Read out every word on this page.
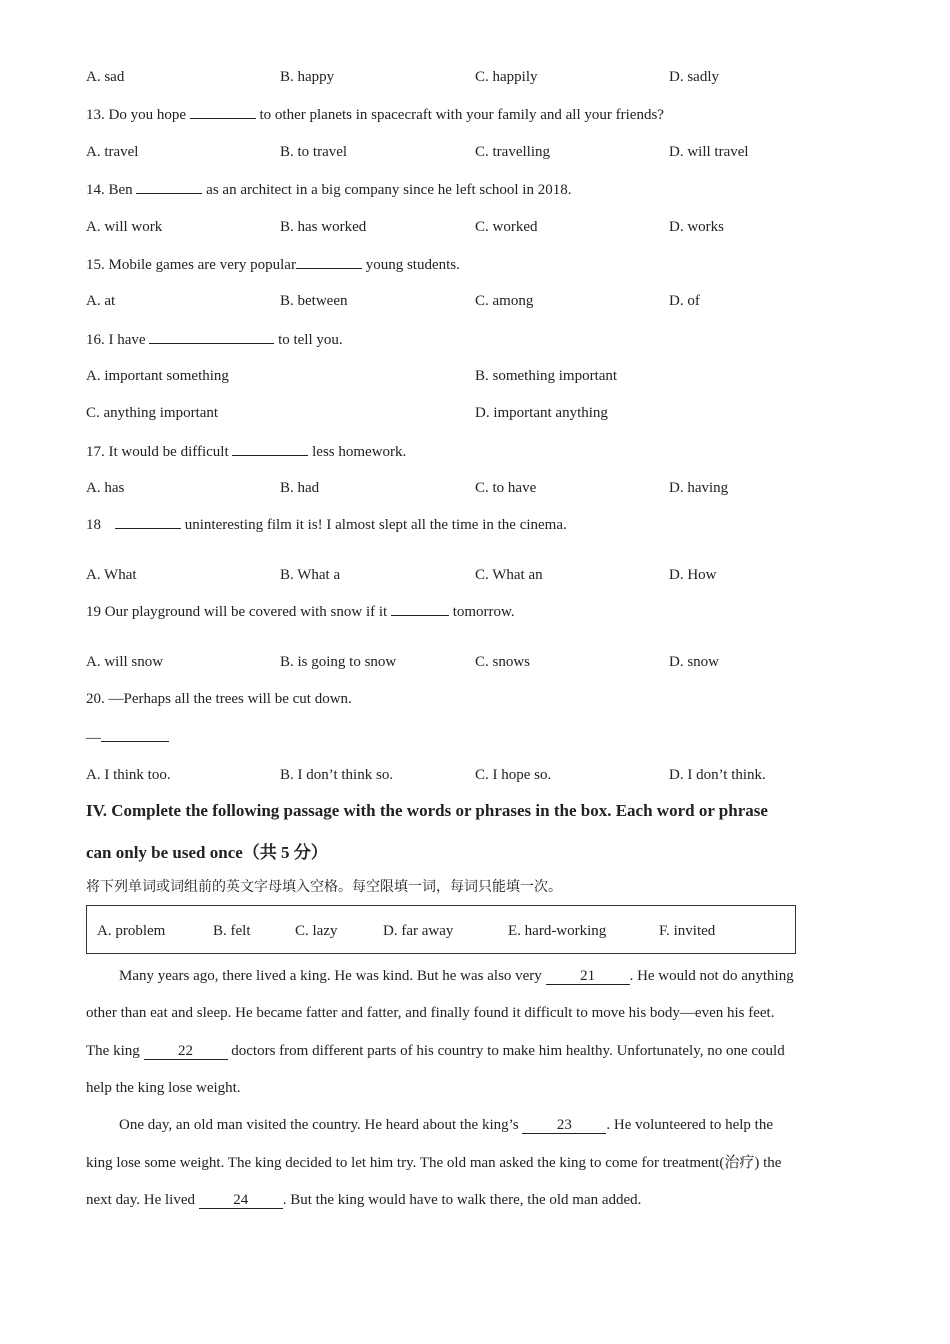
A. sad	B. happy	C. happily	D. sadly
13. Do you hope	to other planets in spacecraft with your family and all your friends?
A. travel	B. to travel	C. travelling	D. will travel
14. Ben	as an architect in a big company since he left school in 2018.
A. will work	B. has worked	C. worked	D. works
15. Mobile games are very popular	young students.
A. at	B. between	C. among	D. of
16. I have	to tell you.
A. important something	B. something important
C. anything important	D. important anything
17. It would be difficult	less homework.
A. has	B. had	C. to have	D. having
18	uninteresting film it is! I almost slept all the time in the cinema.
A. What	B. What a	C. What an	D. How
19 Our playground will be covered with snow if it	tomorrow.
A. will snow	B. is going to snow	C. snows	D. snow
20. —Perhaps all the trees will be cut down.
—
A. I think too.	B. I don’t think so.	C. I hope so.	D. I don’t think.
IV. Complete the following passage with the words or phrases in the box. Each word or phrase
can only be used once（共 5 分）
将下列单词或词组前的英文字母填入空格。每空限填一词，每词只能填一次。
A. problem	B. felt	C. lazy	D. far away	E. hard-working	F. invited
Many years ago, there lived a king. He was kind. But he was also very 21 . He would not do anything
other than eat and sleep. He became fatter and fatter, and finally found it difficult to move his body—even his feet.
The king 22 doctors from different parts of his country to make him healthy. Unfortunately, no one could
help the king lose weight.
One day, an old man visited the country. He heard about the king’s 23 . He volunteered to help the
king lose some weight. The king decided to let him try. The old man asked the king to come for treatment(治疗) the
next day. He lived 24 . But the king would have to walk there, the old man added.
